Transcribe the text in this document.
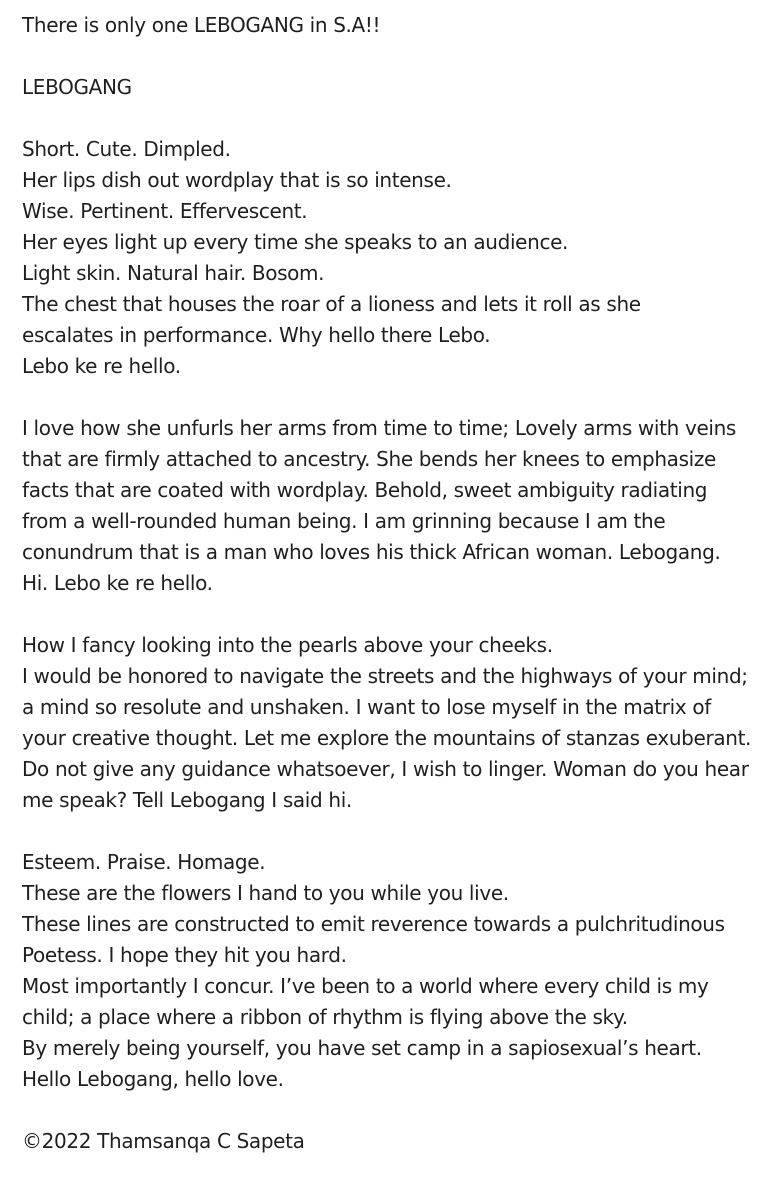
There is only one LEBOGANG in S.A!!
LEBOGANG
Short. Cute. Dimpled.
Her lips dish out wordplay that is so intense.
Wise. Pertinent. Effervescent.
Her eyes light up every time she speaks to an audience.
Light skin. Natural hair. Bosom.
The chest that houses the roar of a lioness and lets it roll as she
escalates in performance. Why hello there Lebo.
Lebo ke re hello.
I love how she unfurls her arms from time to time; Lovely arms with veins
that are firmly attached to ancestry. She bends her knees to emphasize
facts that are coated with wordplay. Behold, sweet ambiguity radiating
from a well-rounded human being. I am grinning because I am the
conundrum that is a man who loves his thick African woman. Lebogang.
Hi. Lebo ke re hello.
How I fancy looking into the pearls above your cheeks.
I would be honored to navigate the streets and the highways of your mind;
a mind so resolute and unshaken. I want to lose myself in the matrix of
your creative thought. Let me explore the mountains of stanzas exuberant.
Do not give any guidance whatsoever, I wish to linger. Woman do you hear
me speak? Tell Lebogang I said hi.
Esteem. Praise. Homage.
These are the flowers I hand to you while you live.
These lines are constructed to emit reverence towards a pulchritudinous
Poetess. I hope they hit you hard.
Most importantly I concur. I’ve been to a world where every child is my
child; a place where a ribbon of rhythm is flying above the sky.
By merely being yourself, you have set camp in a sapiosexual’s heart.
Hello Lebogang, hello love.
©2022 Thamsanqa C Sapeta
